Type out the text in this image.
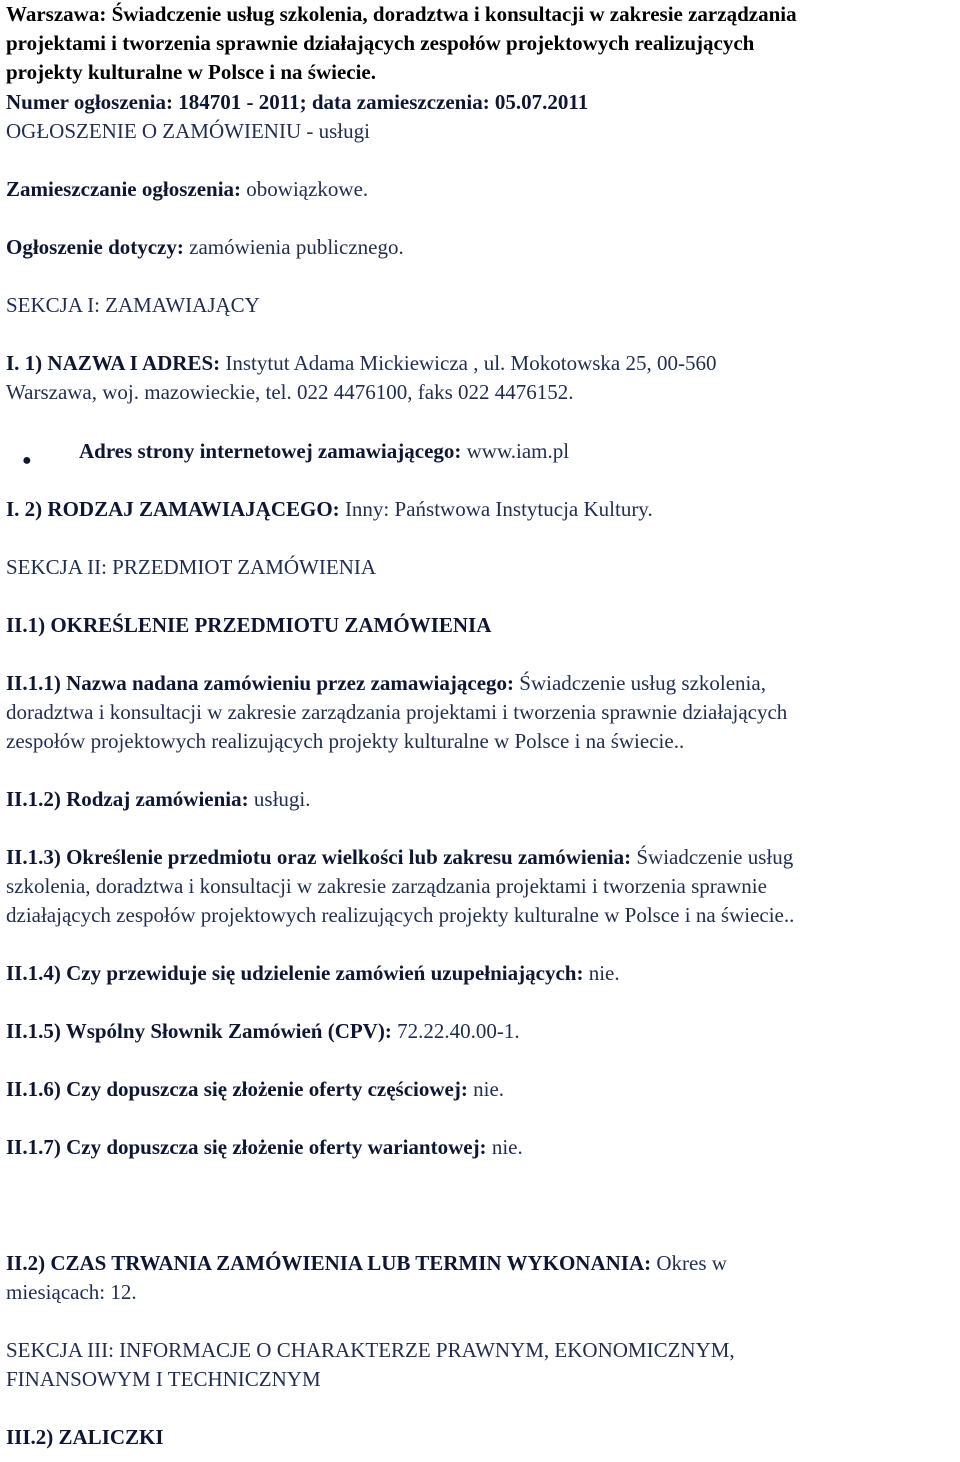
Warszawa: Świadczenie usług szkolenia, doradztwa i konsultacji w zakresie zarządzania

projektami i tworzenia sprawnie działających zespołów projektowych realizujących

projekty kulturalne w Polsce i na świecie.

Numer ogłoszenia: 184701 - 2011; data zamieszczenia: 05.07.2011

OGŁOSZENIE O ZAMÓWIENIU - usługi

Zamieszczanie ogłoszenia: obowiązkowe.

Ogłoszenie dotyczy: zamówienia publicznego.

SEKCJA I: ZAMAWIAJĄCY

I. 1) NAZWA I ADRES: Instytut Adama Mickiewicza , ul. Mokotowska 25, 00-560

Warszawa, woj. mazowieckie, tel. 022 4476100, faks 022 4476152.

● Adres strony internetowej zamawiającego: www.iam.pl

I. 2) RODZAJ ZAMAWIAJĄCEGO: Inny: Państwowa Instytucja Kultury.

SEKCJA II: PRZEDMIOT ZAMÓWIENIA

II.1) OKREŚLENIE PRZEDMIOTU ZAMÓWIENIA

II.1.1) Nazwa nadana zamówieniu przez zamawiającego: Świadczenie usług szkolenia,

doradztwa i konsultacji w zakresie zarządzania projektami i tworzenia sprawnie działających

zespołów projektowych realizujących projekty kulturalne w Polsce i na świecie..

II.1.2) Rodzaj zamówienia: usługi.

II.1.3) Określenie przedmiotu oraz wielkości lub zakresu zamówienia: Świadczenie usług

szkolenia, doradztwa i konsultacji w zakresie zarządzania projektami i tworzenia sprawnie

działających zespołów projektowych realizujących projekty kulturalne w Polsce i na świecie..

II.1.4) Czy przewiduje się udzielenie zamówień uzupełniających: nie.

II.1.5) Wspólny Słownik Zamówień (CPV): 72.22.40.00-1.

II.1.6) Czy dopuszcza się złożenie oferty częściowej: nie.

II.1.7) Czy dopuszcza się złożenie oferty wariantowej: nie.

II.2) CZAS TRWANIA ZAMÓWIENIA LUB TERMIN WYKONANIA: Okres w

miesiącach: 12.

SEKCJA III: INFORMACJE O CHARAKTERZE PRAWNYM, EKONOMICZNYM,

FINANSOWYM I TECHNICZNYM

III.2) ZALICZKI
